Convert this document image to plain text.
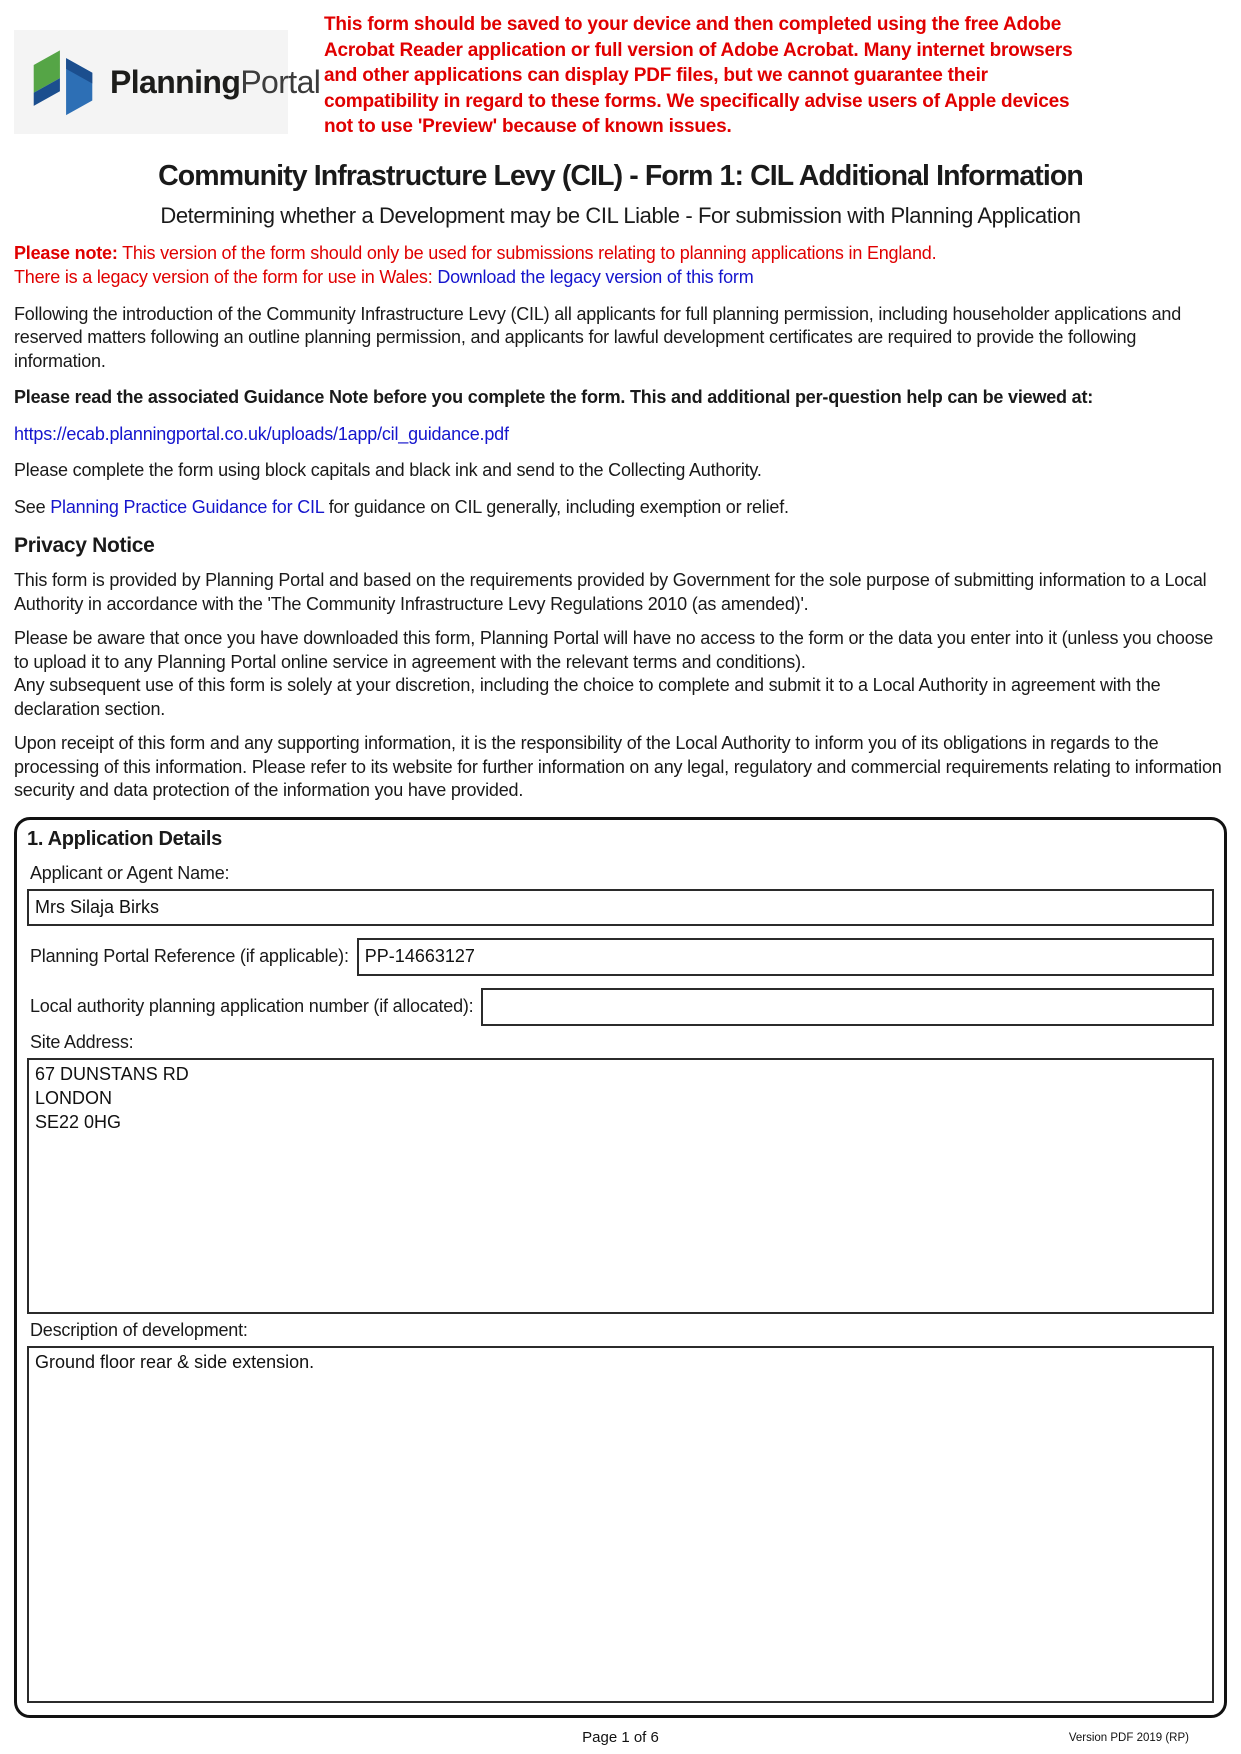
PlanningPortal
This form should be saved to your device and then completed using the free Adobe Acrobat Reader application or full version of Adobe Acrobat. Many internet browsers and other applications can display PDF files, but we cannot guarantee their compatibility in regard to these forms. We specifically advise users of Apple devices not to use 'Preview' because of known issues.
Community Infrastructure Levy (CIL) - Form 1: CIL Additional Information
Determining whether a Development may be CIL Liable - For submission with Planning Application
Please note: This version of the form should only be used for submissions relating to planning applications in England.
There is a legacy version of the form for use in Wales: Download the legacy version of this form

Following the introduction of the Community Infrastructure Levy (CIL) all applicants for full planning permission, including householder applications and reserved matters following an outline planning permission, and applicants for lawful development certificates are required to provide the following information.

Please read the associated Guidance Note before you complete the form. This and additional per-question help can be viewed at:

https://ecab.planningportal.co.uk/uploads/1app/cil_guidance.pdf

Please complete the form using block capitals and black ink and send to the Collecting Authority.

See Planning Practice Guidance for CIL for guidance on CIL generally, including exemption or relief.

Privacy Notice

This form is provided by Planning Portal and based on the requirements provided by Government for the sole purpose of submitting information to a Local Authority in accordance with the 'The Community Infrastructure Levy Regulations 2010 (as amended)'.

Please be aware that once you have downloaded this form, Planning Portal will have no access to the form or the data you enter into it (unless you choose to upload it to any Planning Portal online service in agreement with the relevant terms and conditions).
Any subsequent use of this form is solely at your discretion, including the choice to complete and submit it to a Local Authority in agreement with the declaration section.

Upon receipt of this form and any supporting information, it is the responsibility of the Local Authority to inform you of its obligations in regards to the processing of this information. Please refer to its website for further information on any legal, regulatory and commercial requirements relating to information security and data protection of the information you have provided.

1. Application Details
Applicant or Agent Name:
Mrs Silaja Birks
Planning Portal Reference (if applicable):
PP-14663127
Local authority planning application number (if allocated):
Site Address:
67 DUNSTANS RD LONDON SE22 0HG
Description of development:
Ground floor rear & side extension.
Page 1 of 6	Version PDF 2019 (RP)
